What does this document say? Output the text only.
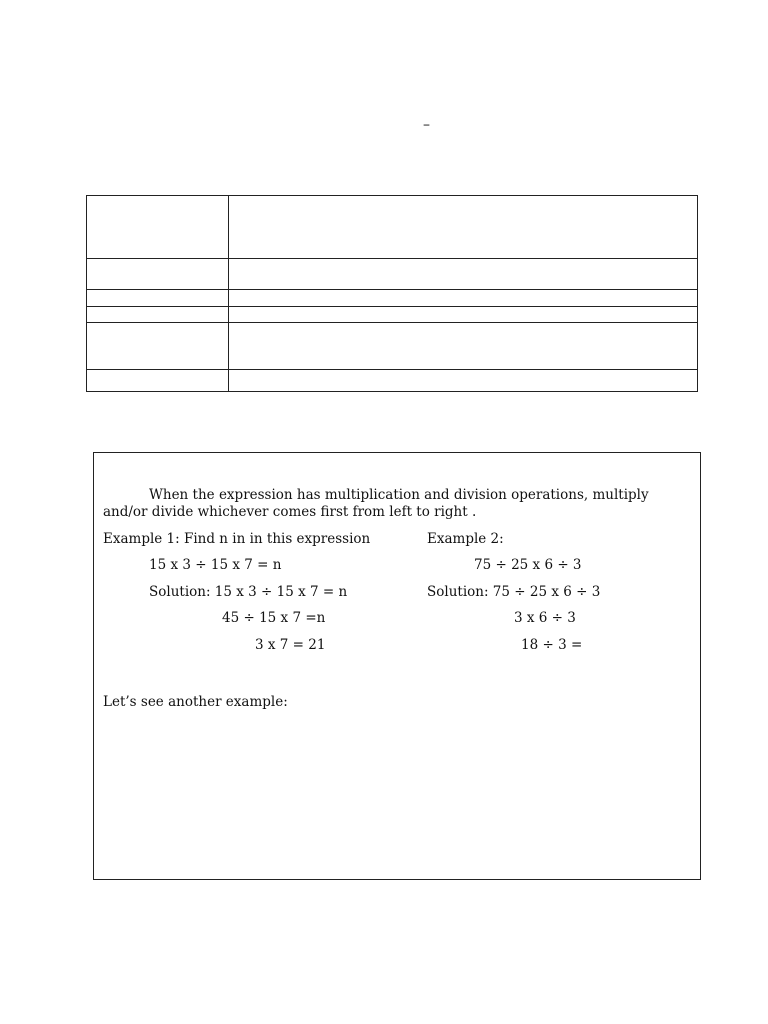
–

When the expression has multiplication and division operations, multiply
and/or divide whichever comes first from left to right .
Example 1: Find n in in this expression
15 x 3 ÷ 15 x 7 = n
Solution: 15 x 3 ÷ 15 x 7 = n
45 ÷ 15 x 7 =n
3 x 7 = 21
Example 2:
75 ÷ 25 x 6 ÷ 3
Solution: 75 ÷ 25 x 6 ÷ 3
3 x 6 ÷ 3
18 ÷ 3 =
Let’s see another example:
